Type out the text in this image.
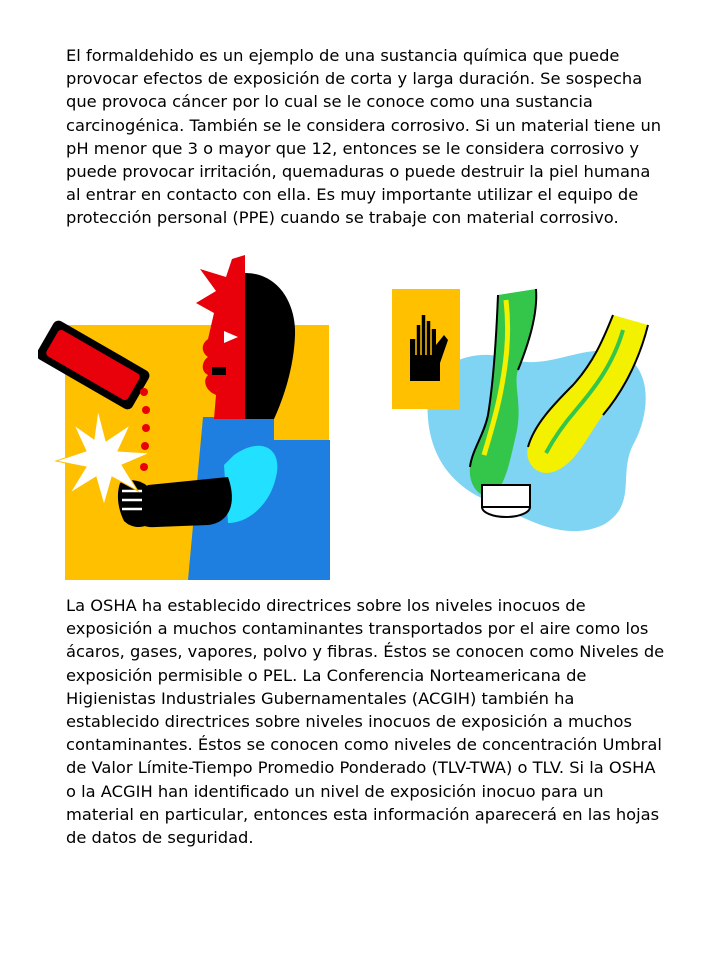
El formaldehido es un ejemplo de una sustancia química que puede provocar efectos de exposición de corta y larga duración. Se sospecha que provoca cáncer por lo cual se le conoce como una sustancia carcinogénica. También se le considera corrosivo. Si un material tiene un pH menor que 3 o mayor que 12, entonces se le considera corrosivo y puede provocar irritación, quemaduras o puede destruir la piel humana al entrar en contacto con ella. Es muy importante utilizar el equipo de protección personal (PPE) cuando se trabaje con material corrosivo.

La OSHA ha establecido directrices sobre los niveles inocuos de exposición a muchos contaminantes transportados por el aire como los ácaros, gases, vapores, polvo y fibras. Éstos se conocen como Niveles de exposición permisible o PEL. La Conferencia Norteamericana de Higienistas Industriales Gubernamentales (ACGIH) también ha establecido directrices sobre niveles inocuos de exposición a muchos contaminantes. Éstos se conocen como niveles de concentración Umbral de Valor Límite-Tiempo Promedio Ponderado (TLV-TWA) o TLV. Si la OSHA o la ACGIH han identificado un nivel de exposición inocuo para un material en particular, entonces esta información aparecerá en las hojas de datos de seguridad.
